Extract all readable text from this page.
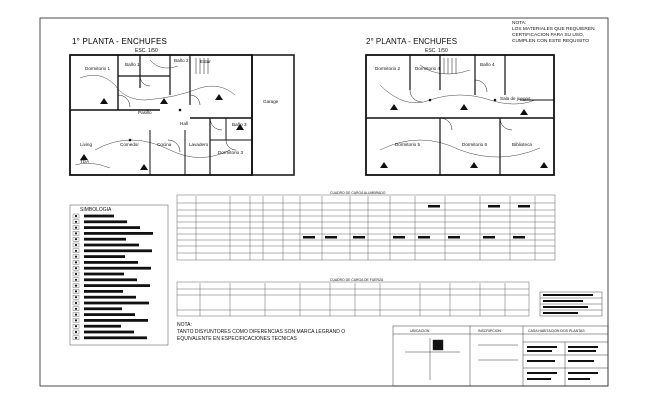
1° PLANTA - ENCHUFES
ESC. 1/50
Dormitorio 1
Baño 1
Baño 2 Estar
Pasillo
Garage
Living	Comedor	Cocina	Lavadero
Baño 3
Dormitorio 3
Hall
TDA
2° PLANTA - ENCHUFES
ESC. 1/50
Dormitorio 2	Dormitorio 4
Baño 4
Sala de juegos
Dormitorio 5	Dormitorio 6	Biblioteca
NOTA:
LOS MATERIALES QUE REQUIEREN
CERTIFICACION PARA SU USO,
CUMPLEN CON ESTE REQUISITO
CUADRO DE CARGA ALUMBRADO
CUADRO DE CARGA DE FUERZA
SIMBOLOGIA
NOTA:
TANTO DISYUNTORES COMO DIFERENCIAS SON MARCA LEGRAND O
EQUIVALENTE EN ESPECIFICACIONES TECNICAS
UBICACION	INSCRIPCION	CASA HABITACION DOS PLANTAS
